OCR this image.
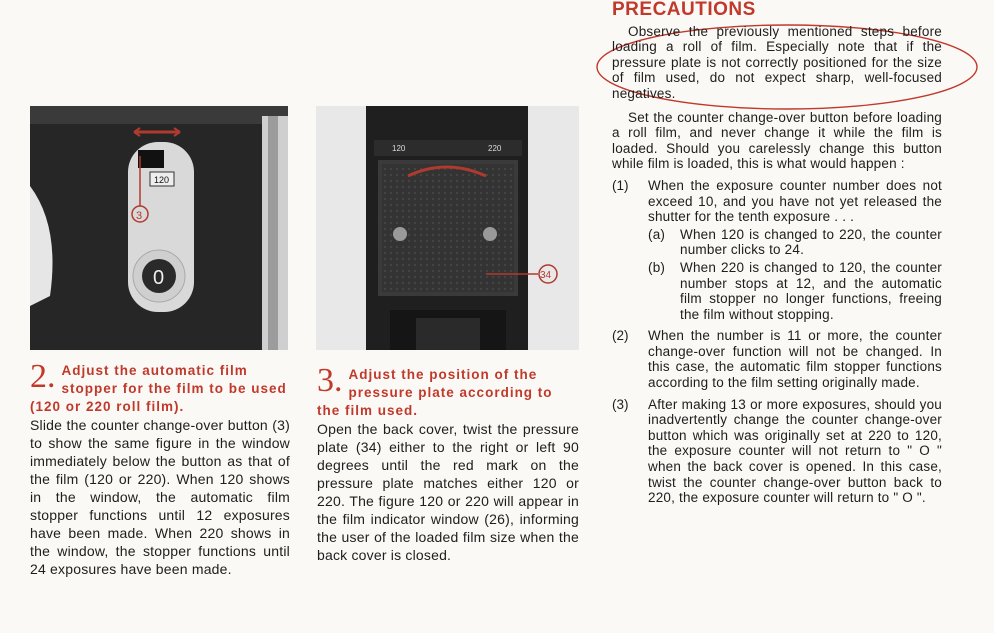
120
3
0
120	220
34
2. Adjust the automatic film stopper for the film to be used (120 or 220 roll film).
Slide the counter change-over button (3) to show the same figure in the window immediately below the button as that of the film (120 or 220). When 120 shows in the window, the automatic film stopper functions until 12 exposures have been made. When 220 shows in the window, the stopper functions until 24 exposures have been made.
3. Adjust the position of the pressure plate according to the film used.
Open the back cover, twist the pressure plate (34) either to the right or left 90 degrees until the red mark on the pressure plate matches either 120 or 220. The figure 120 or 220 will appear in the film indicator window (26), informing the user of the loaded film size when the back cover is closed.
PRECAUTIONS
Observe the previously mentioned steps before loading a roll of film. Especially note that if the pressure plate is not correctly positioned for the size of film used, do not expect sharp, well-focused negatives.
Set the counter change-over button before loading a roll film, and never change it while the film is loaded. Should you carelessly change this button while film is loaded, this is what would happen :
(1)	When the exposure counter number does not exceed 10, and you have not yet released the shutter for the tenth exposure . . .
(a)	When 120 is changed to 220, the counter number clicks to 24.
(b)	When 220 is changed to 120, the counter number stops at 12, and the automatic film stopper no longer functions, freeing the film without stopping.
(2)	When the number is 11 or more, the counter change-over function will not be changed. In this case, the automatic film stopper functions according to the film setting originally made.
(3)	After making 13 or more exposures, should you inadvertently change the counter change-over button which was originally set at 220 to 120, the exposure counter will not return to " O " when the back cover is opened. In this case, twist the counter change-over button back to 220, the exposure counter will return to " O ".
